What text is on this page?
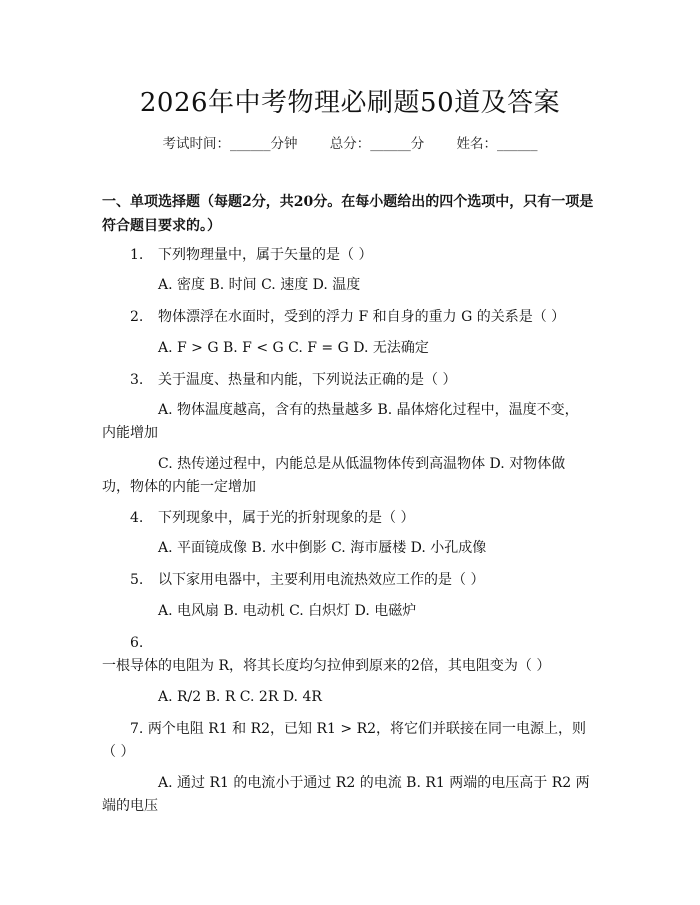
2026年中考物理必刷题50道及答案
考试时间：______分钟 总分：______分 姓名：______
一、单项选择题（每题2分，共20分。在每小题给出的四个选项中，只有一项是符合题目要求的。）
1. 下列物理量中，属于矢量的是（ ）
A. 密度 B. 时间 C. 速度 D. 温度
2. 物体漂浮在水面时，受到的浮力 F 和自身的重力 G 的关系是（ ）
A. F > G B. F < G C. F = G D. 无法确定
3. 关于温度、热量和内能，下列说法正确的是（ ）
A. 物体温度越高，含有的热量越多 B. 晶体熔化过程中，温度不变，内能增加
C. 热传递过程中，内能总是从低温物体传到高温物体 D. 对物体做功，物体的内能一定增加
4. 下列现象中，属于光的折射现象的是（ ）
A. 平面镜成像 B. 水中倒影 C. 海市蜃楼 D. 小孔成像
5. 以下家用电器中，主要利用电流热效应工作的是（ ）
A. 电风扇 B. 电动机 C. 白炽灯 D. 电磁炉
6. 一根导体的电阻为 R，将其长度均匀拉伸到原来的2倍，其电阻变为（ ）
A. R/2 B. R C. 2R D. 4R
7. 两个电阻 R1 和 R2，已知 R1 > R2，将它们并联接在同一电源上，则（ ）
A. 通过 R1 的电流小于通过 R2 的电流 B. R1 两端的电压高于 R2 两端的电压
